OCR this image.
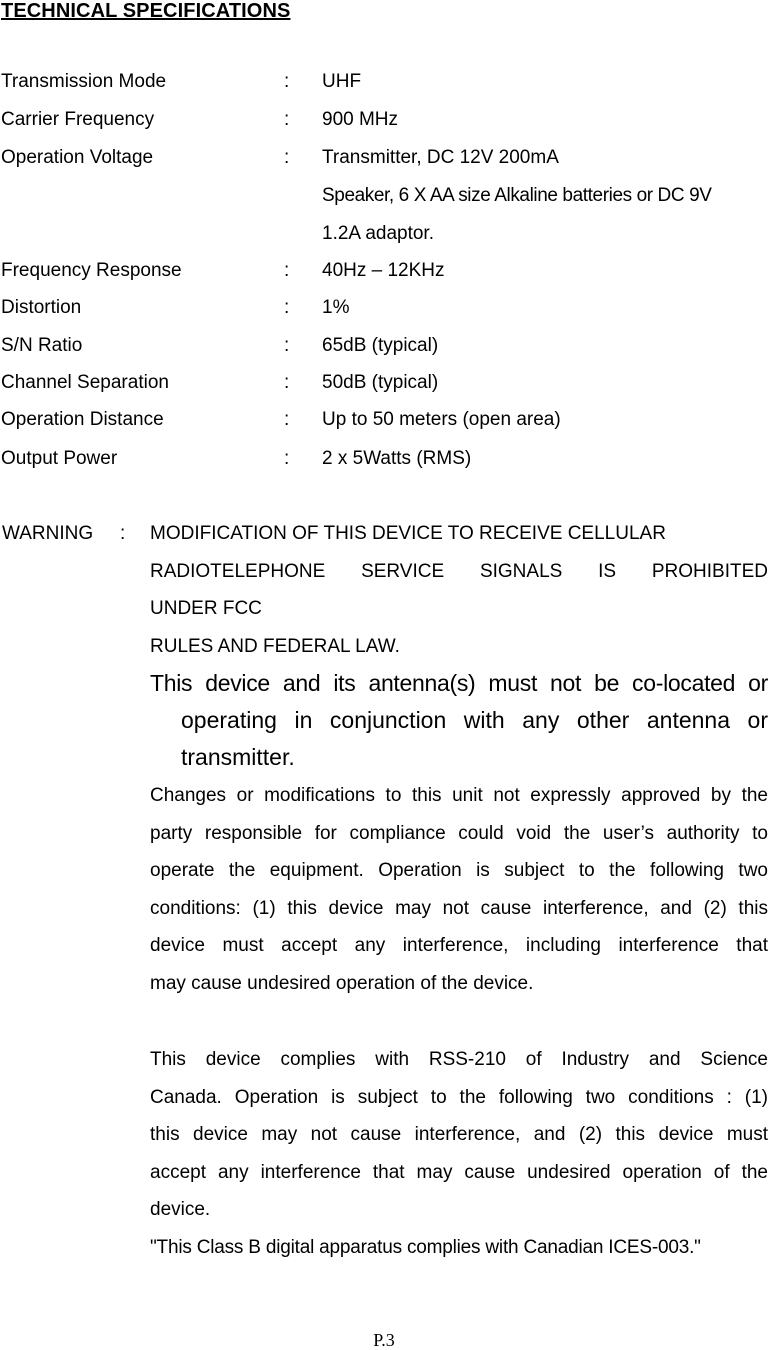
TECHNICAL SPECIFICATIONS
Transmission Mode	: UHF
Carrier Frequency	: 900 MHz
Operation Voltage	: Transmitter, DC 12V 200mA
Speaker, 6 X AA size Alkaline batteries or DC 9V
1.2A adaptor.
Frequency Response	: 40Hz – 12KHz
Distortion	: 1%
S/N Ratio	: 65dB (typical)
Channel Separation	: 50dB (typical)
Operation Distance	: Up to 50 meters (open area)
Output Power	: 2 x 5Watts (RMS)
WARNING : MODIFICATION OF THIS DEVICE TO RECEIVE CELLULAR
RADIOTELEPHONE SERVICE SIGNALS IS PROHIBITED
UNDER FCC
RULES AND FEDERAL LAW.
This device and its antenna(s) must not be co-located or
operating in conjunction with any other antenna or
transmitter.
Changes or modifications to this unit not expressly approved by the
party responsible for compliance could void the user’s authority to
operate the equipment. Operation is subject to the following two
conditions: (1) this device may not cause interference, and (2) this
device must accept any interference, including interference that
may cause undesired operation of the device.
This device complies with RSS-210 of Industry and Science
Canada. Operation is subject to the following two conditions : (1)
this device may not cause interference, and (2) this device must
accept any interference that may cause undesired operation of the
device.
"This Class B digital apparatus complies with Canadian ICES-003."
P.3
